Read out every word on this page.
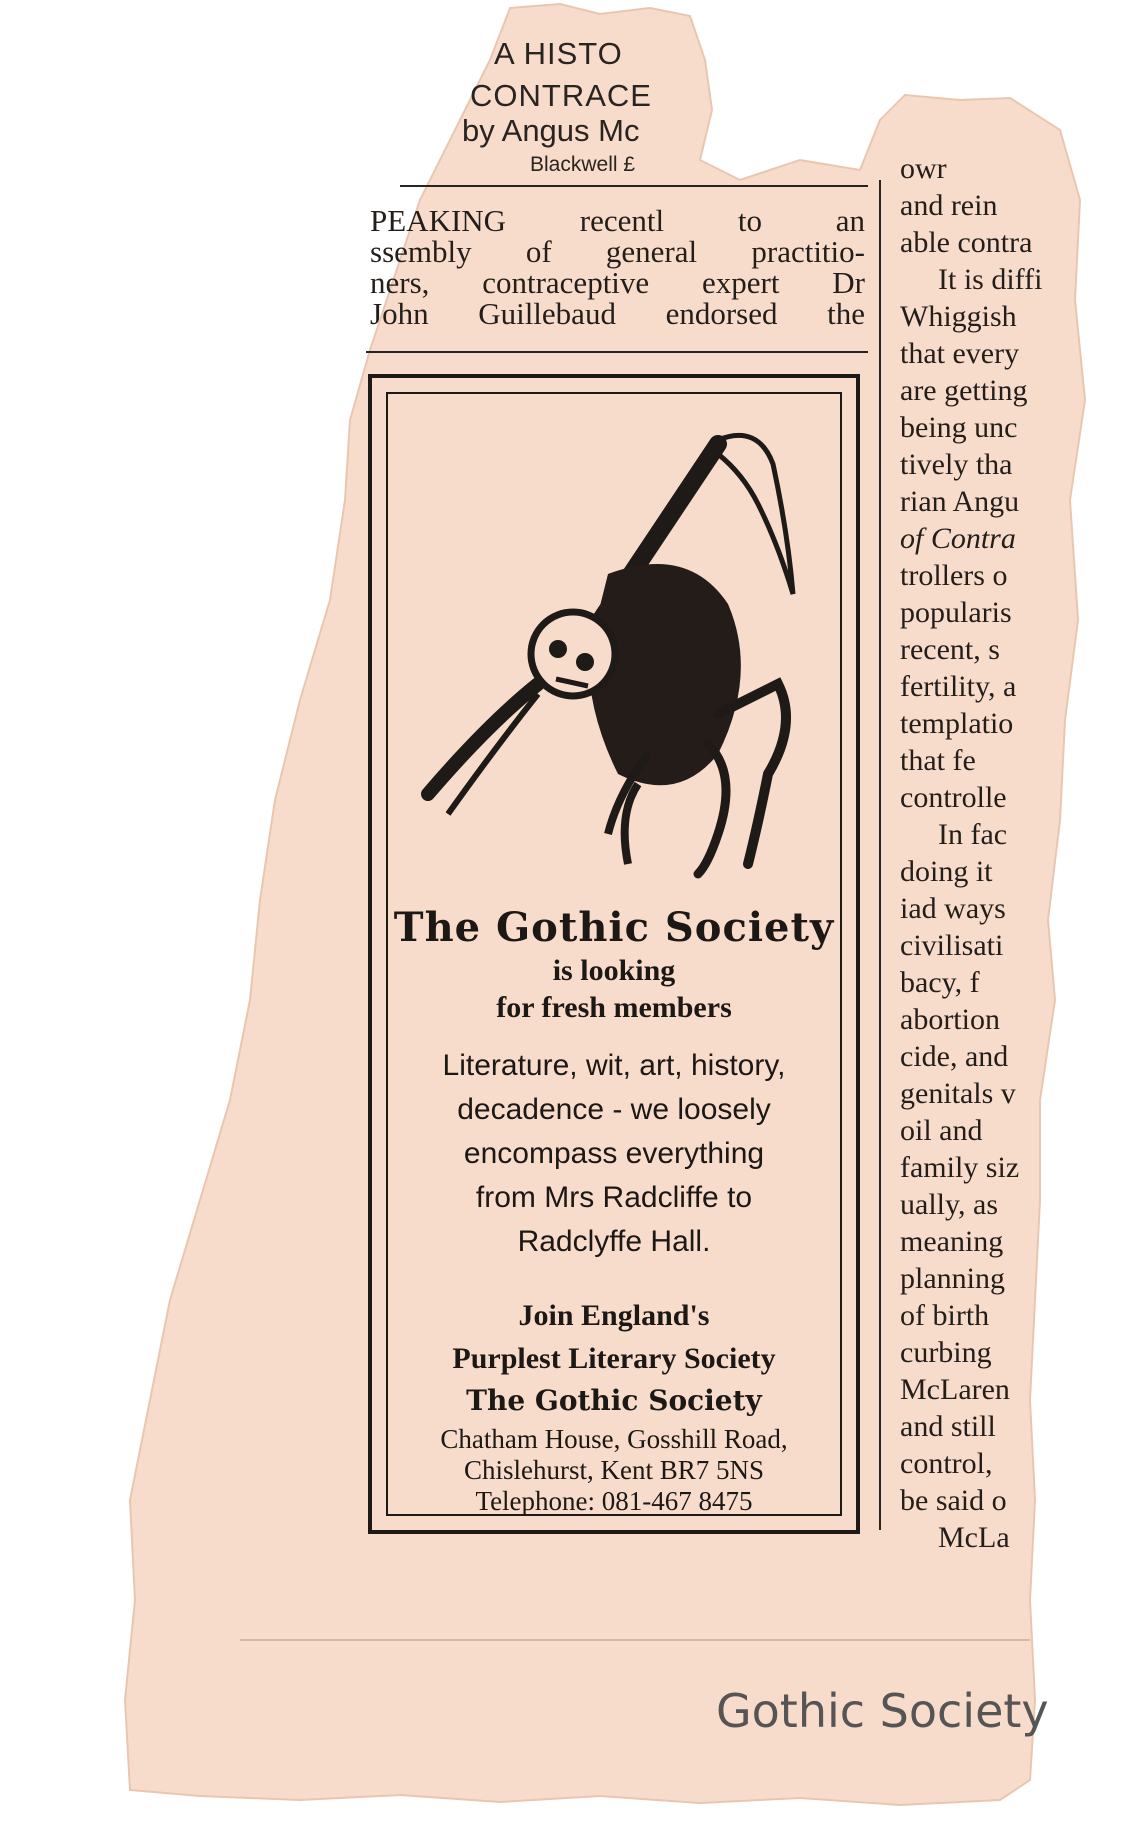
A HISTO
CONTRACE
by Angus Mc
Blackwell £
PEAKING recentl to an
ssembly of general practitio-
ners, contraceptive expert Dr
John Guillebaud endorsed the
owr
and rein
able contra
It is diffi
Whiggish
that every
are getting
being unc
tively tha
rian Angu
of Contra
trollers o
popularis
recent, s
fertility, a
templatio
that fe
controlle
In fac
doing it
iad ways
civilisati
bacy, f
abortion
cide, and
genitals v
oil and
family siz
ually, as
meaning
planning
of birth
curbing
McLaren
and still
control,
be said o
McLa
The Gothic Society
is looking
for fresh members
Literature, wit, art, history,
decadence - we loosely
encompass everything
from Mrs Radcliffe to
Radclyffe Hall.
Join England's
Purplest Literary Society
The Gothic Society
Chatham House, Gosshill Road,
Chislehurst, Kent BR7 5NS
Telephone: 081-467 8475
Gothic Society
